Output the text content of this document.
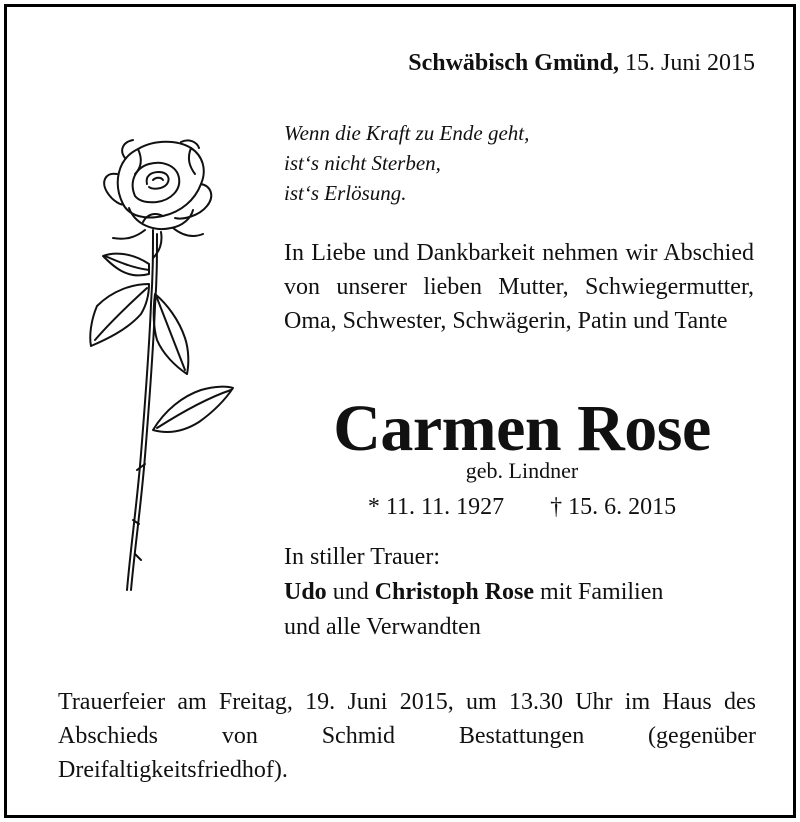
Schwäbisch Gmünd, 15. Juni 2015
Wenn die Kraft zu Ende geht,
ist‘s nicht Sterben,
ist‘s Erlösung.
In Liebe und Dankbarkeit nehmen wir Abschied von unserer lieben Mutter, Schwiegermutter, Oma, Schwester, Schwägerin, Patin und Tante
Carmen Rose
geb. Lindner
* 11. 11. 1927 † 15. 6. 2015
In stiller Trauer:
Udo und Christoph Rose mit Familien
und alle Verwandten
Trauerfeier am Freitag, 19. Juni 2015, um 13.30 Uhr im Haus des Abschieds von Schmid Bestattungen (gegenüber Dreifaltigkeitsfriedhof).
